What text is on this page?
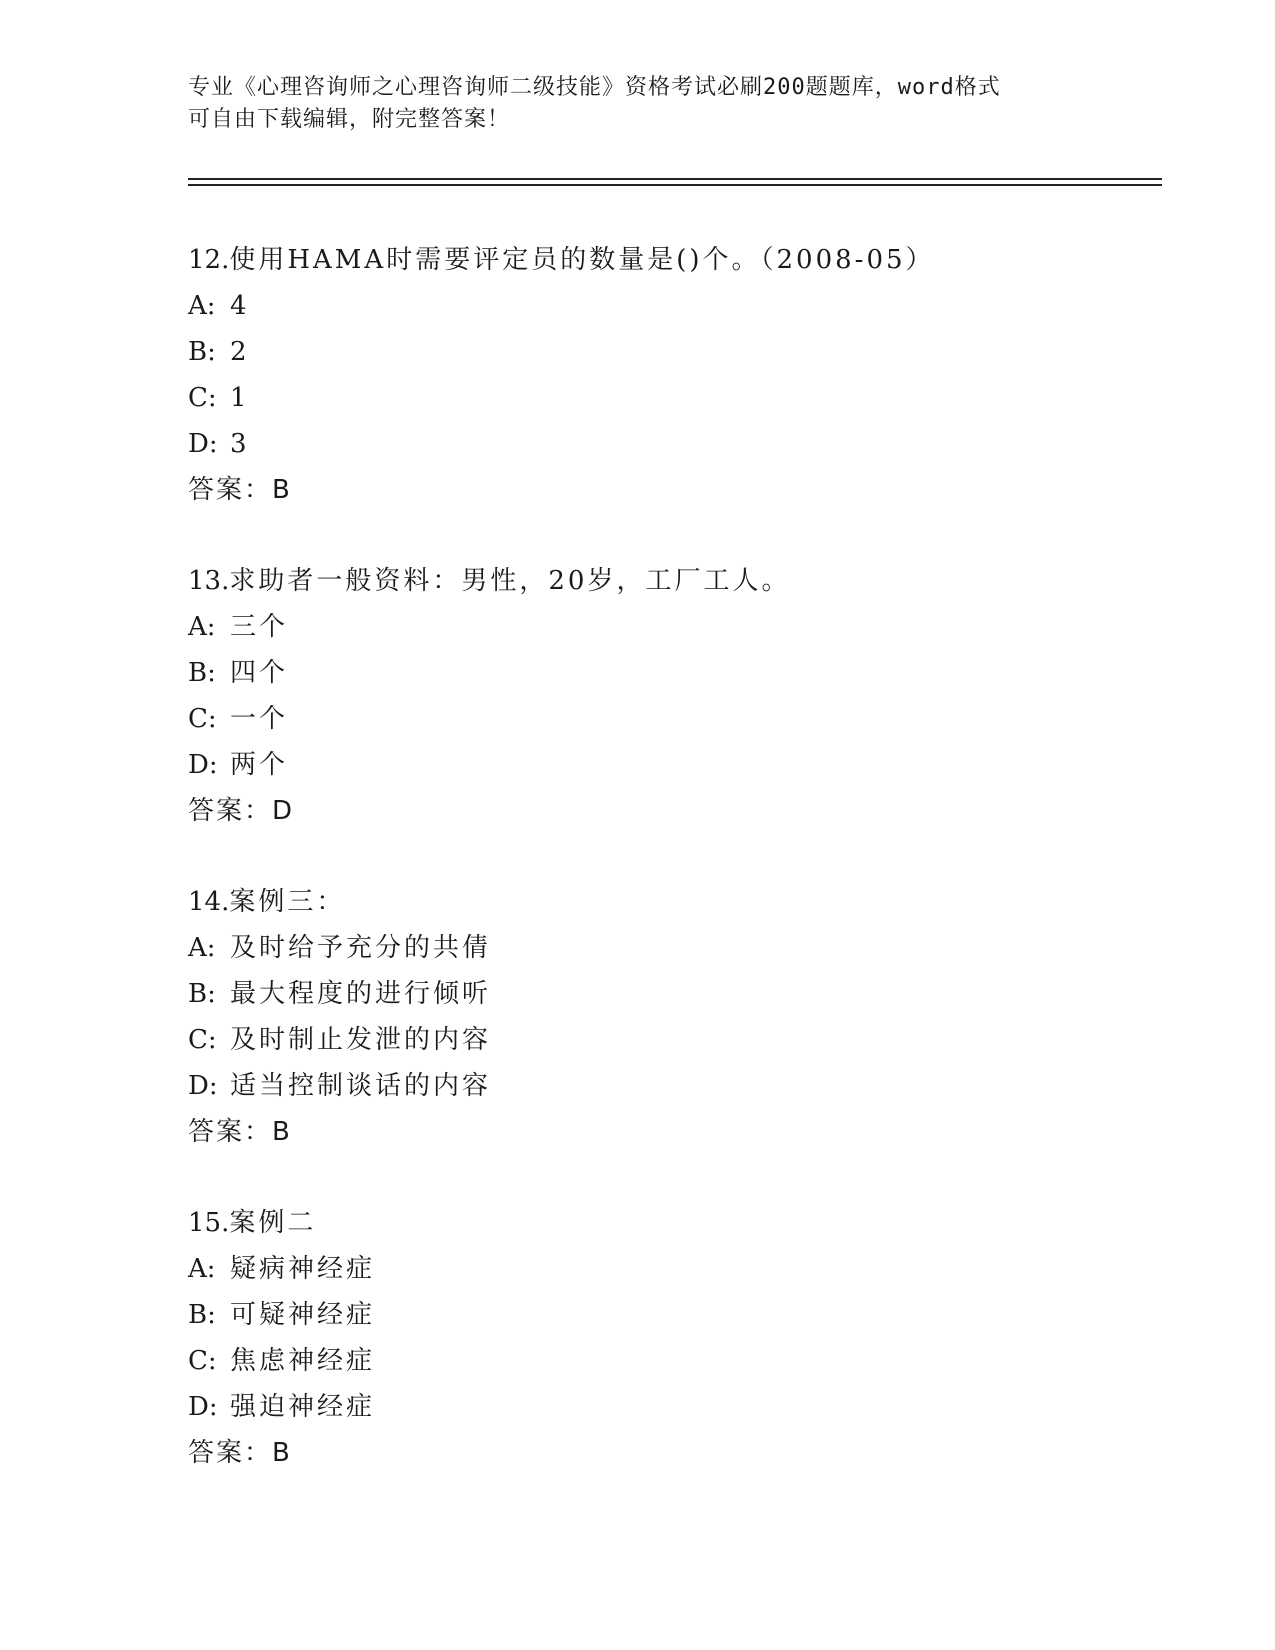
专业《心理咨询师之心理咨询师二级技能》资格考试必刷200题题库，word格式
可自由下载编辑，附完整答案！
12.使用HAMA时需要评定员的数量是()个。（2008-05）
A: 4
B: 2
C: 1
D: 3
答案：B
13.求助者一般资料：男性，20岁，工厂工人。
A: 三个
B: 四个
C: 一个
D: 两个
答案：D
14.案例三：
A: 及时给予充分的共倩
B: 最大程度的进行倾听
C: 及时制止发泄的内容
D: 适当控制谈话的内容
答案：B
15.案例二
A: 疑病神经症
B: 可疑神经症
C: 焦虑神经症
D: 强迫神经症
答案：B
